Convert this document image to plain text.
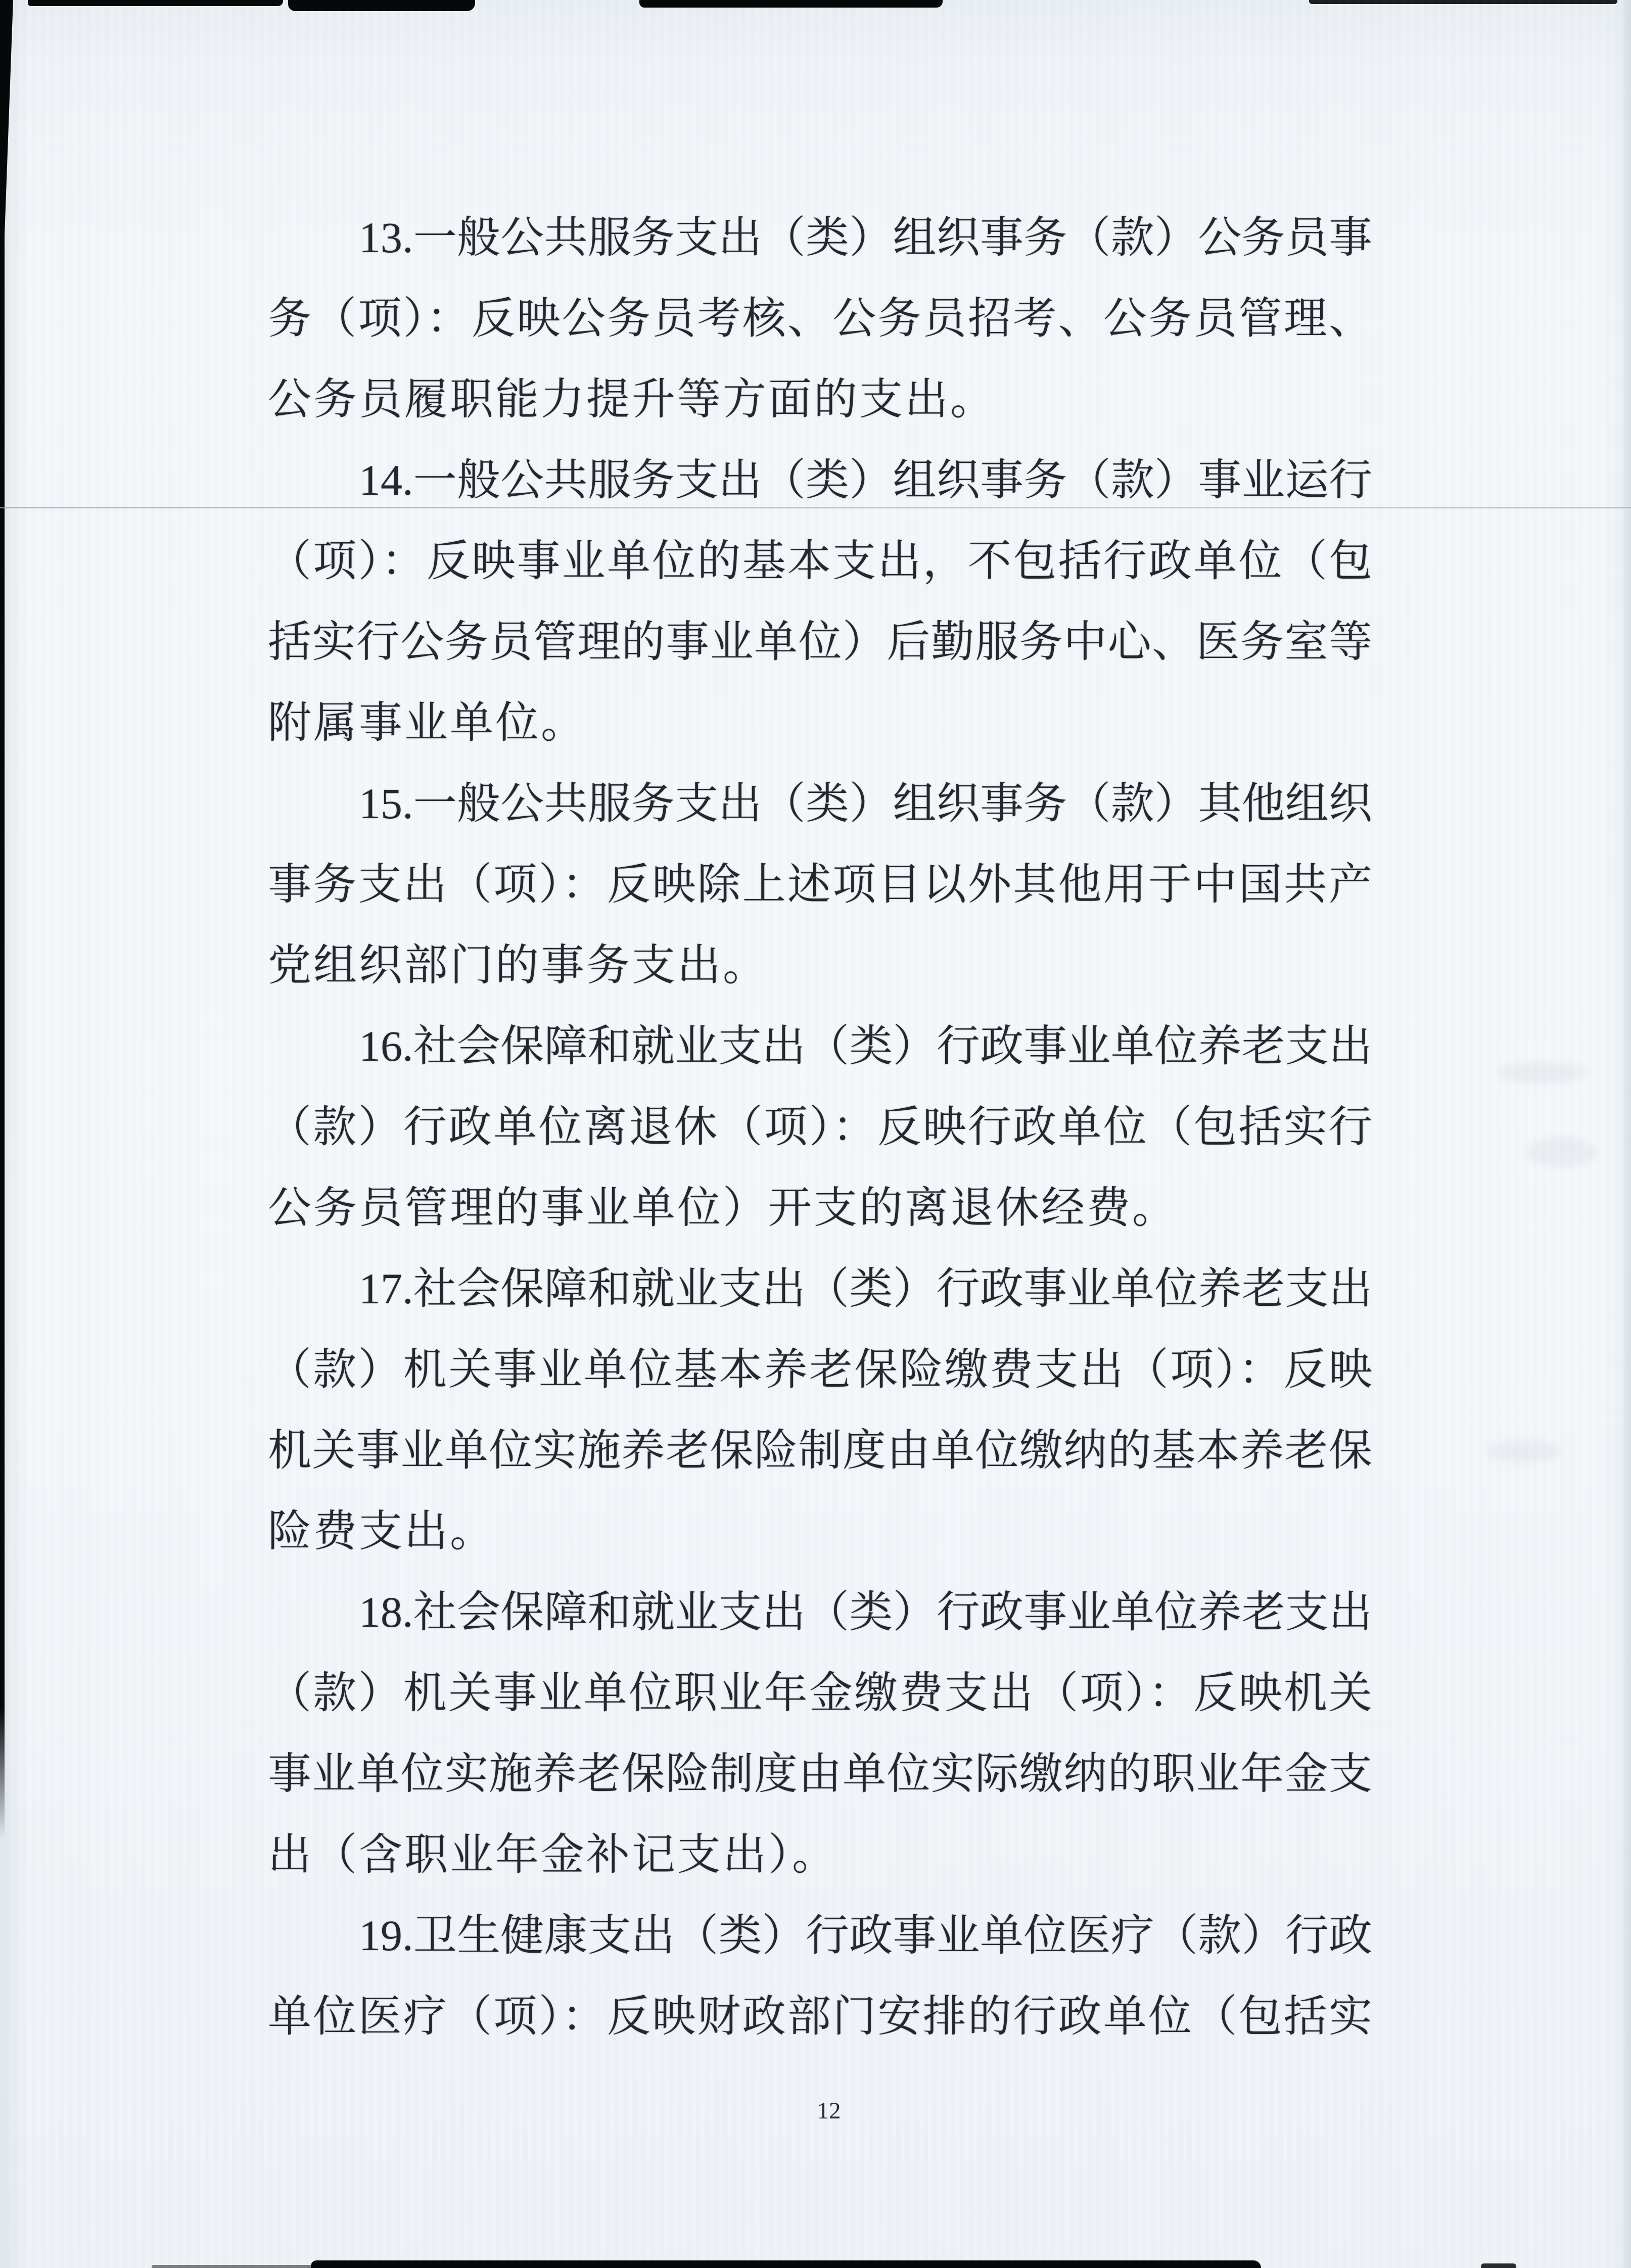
13.一般公共服务支出（类）组织事务（款）公务员事
务（项）：反映公务员考核、公务员招考、公务员管理、
公务员履职能力提升等方面的支出。
14.一般公共服务支出（类）组织事务（款）事业运行
（项）：反映事业单位的基本支出，不包括行政单位（包
括实行公务员管理的事业单位）后勤服务中心、医务室等
附属事业单位。
15.一般公共服务支出（类）组织事务（款）其他组织
事务支出（项）：反映除上述项目以外其他用于中国共产
党组织部门的事务支出。
16.社会保障和就业支出（类）行政事业单位养老支出
（款）行政单位离退休（项）：反映行政单位（包括实行
公务员管理的事业单位）开支的离退休经费。
17.社会保障和就业支出（类）行政事业单位养老支出
（款）机关事业单位基本养老保险缴费支出（项）：反映
机关事业单位实施养老保险制度由单位缴纳的基本养老保
险费支出。
18.社会保障和就业支出（类）行政事业单位养老支出
（款）机关事业单位职业年金缴费支出（项）：反映机关
事业单位实施养老保险制度由单位实际缴纳的职业年金支
出（含职业年金补记支出）。
19.卫生健康支出（类）行政事业单位医疗（款）行政
单位医疗（项）：反映财政部门安排的行政单位（包括实
12
